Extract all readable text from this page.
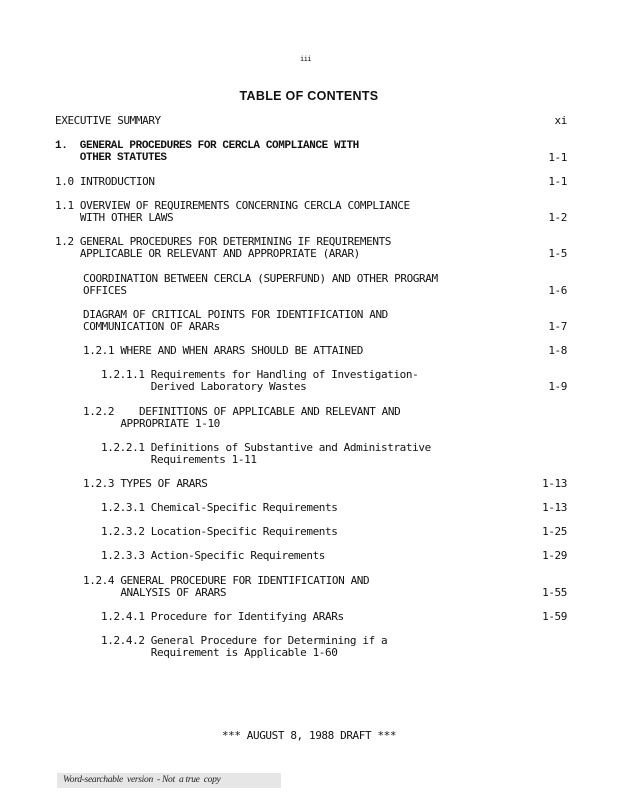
iii
TABLE OF CONTENTS
EXECUTIVE SUMMARY	xi
1.  GENERAL PROCEDURES FOR CERCLA COMPLIANCE WITH
OTHER STATUTES	1-1
1.0 INTRODUCTION	1-1
1.1 OVERVIEW OF REQUIREMENTS CONCERNING CERCLA COMPLIANCE
WITH OTHER LAWS	1-2
1.2 GENERAL PROCEDURES FOR DETERMINING IF REQUIREMENTS
APPLICABLE OR RELEVANT AND APPROPRIATE (ARAR)	1-5
COORDINATION BETWEEN CERCLA (SUPERFUND) AND OTHER PROGRAM
OFFICES	1-6
DIAGRAM OF CRITICAL POINTS FOR IDENTIFICATION AND
COMMUNICATION OF ARARs	1-7
1.2.1 WHERE AND WHEN ARARS SHOULD BE ATTAINED	1-8
1.2.1.1 Requirements for Handling of Investigation-
Derived Laboratory Wastes	1-9
1.2.2    DEFINITIONS OF APPLICABLE AND RELEVANT AND
APPROPRIATE 1-10
1.2.2.1 Definitions of Substantive and Administrative
Requirements 1-11
1.2.3 TYPES OF ARARS	1-13
1.2.3.1 Chemical-Specific Requirements	1-13
1.2.3.2 Location-Specific Requirements	1-25
1.2.3.3 Action-Specific Requirements	1-29
1.2.4 GENERAL PROCEDURE FOR IDENTIFICATION AND
ANALYSIS OF ARARS	1-55
1.2.4.1 Procedure for Identifying ARARs	1-59
1.2.4.2 General Procedure for Determining if a
Requirement is Applicable 1-60
*** AUGUST 8, 1988 DRAFT ***
Word-searchable  version  - Not  a true  copy
